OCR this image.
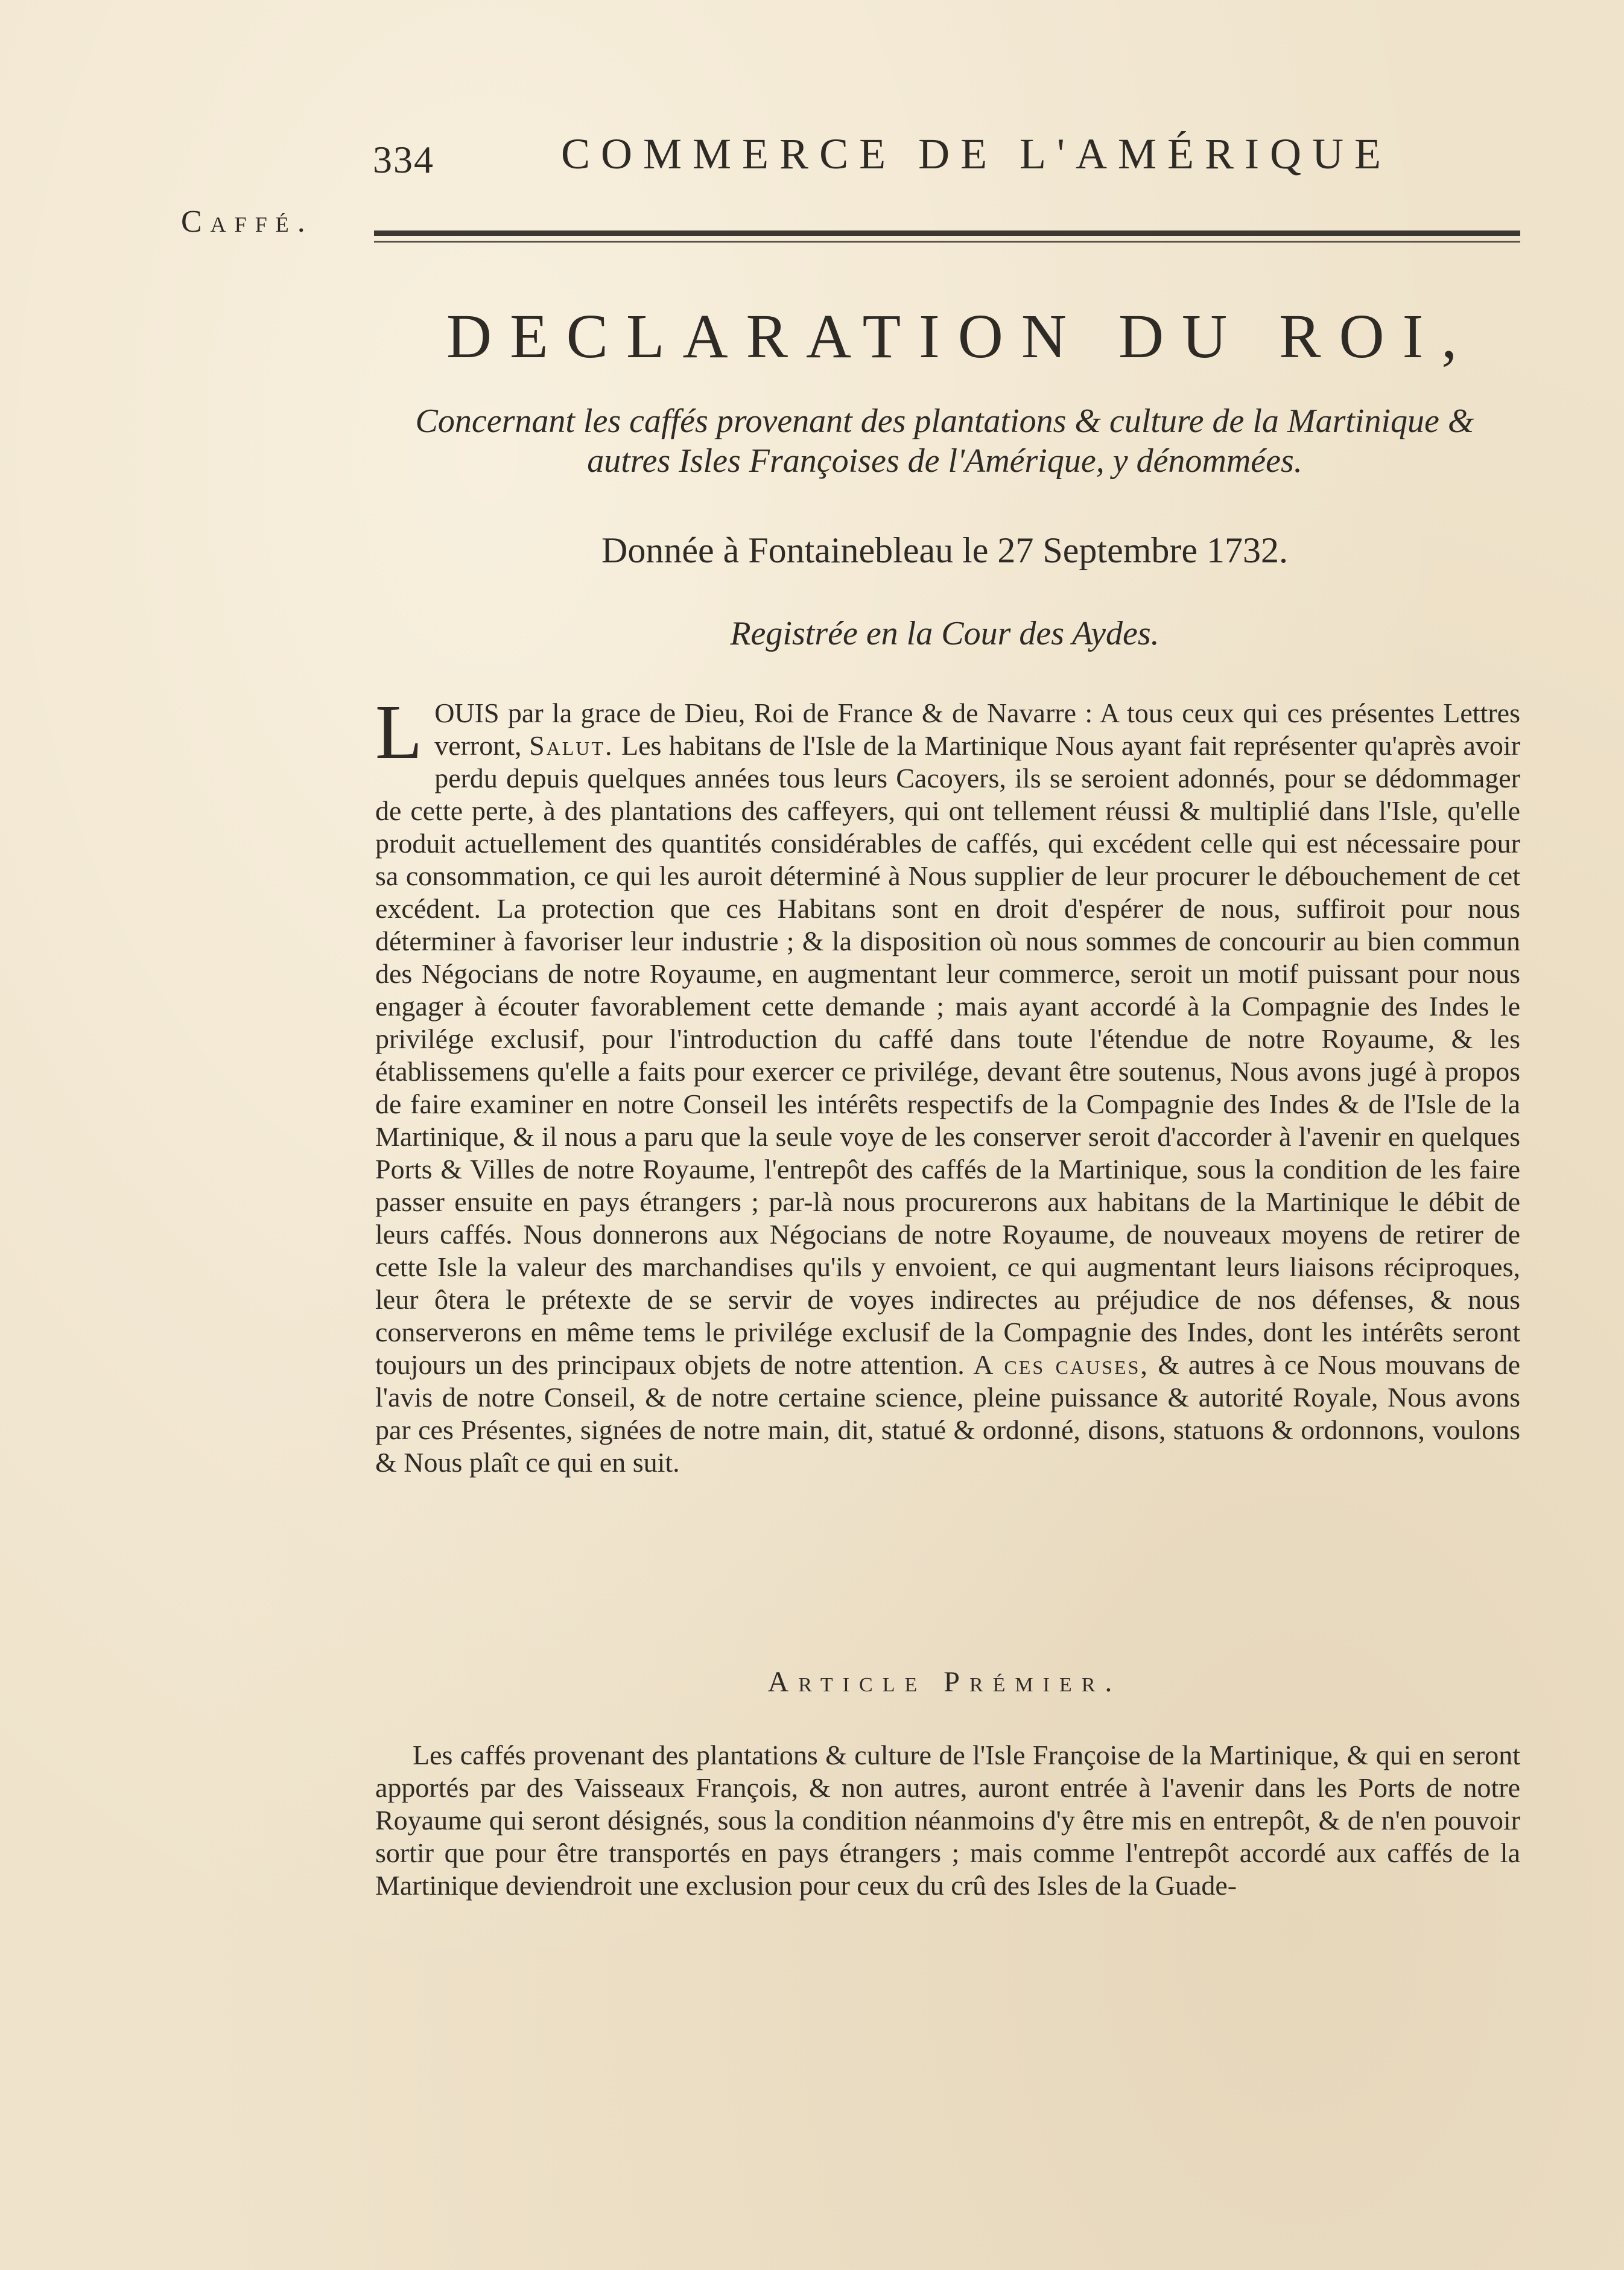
334	COMMERCE DE L'AMÉRIQUE
Caffé.
DECLARATION DU ROI,
Concernant les caffés provenant des plantations & culture de la Martinique & autres Isles Françoises de l'Amérique, y dénommées.
Donnée à Fontainebleau le 27 Septembre 1732.
Registrée en la Cour des Aydes.

L OUIS par la grace de Dieu, Roi de France & de Navarre : A tous ceux qui ces présentes Lettres verront, Salut. Les habitans de l'Isle de la Martinique Nous ayant fait représenter qu'après avoir perdu depuis quelques années tous leurs Cacoyers, ils se seroient adonnés, pour se dédommager de cette perte, à des plantations des caffeyers, qui ont tellement réussi & multiplié dans l'Isle, qu'elle produit actuellement des quantités considérables de caffés, qui excédent celle qui est nécessaire pour sa consommation, ce qui les auroit déterminé à Nous supplier de leur procurer le débouchement de cet excédent. La protection que ces Habitans sont en droit d'espérer de nous, suffiroit pour nous déterminer à favoriser leur industrie ; & la disposition où nous sommes de concourir au bien commun des Négocians de notre Royaume, en augmentant leur commerce, seroit un motif puissant pour nous engager à écouter favorablement cette demande ; mais ayant accordé à la Compagnie des Indes le privilége exclusif, pour l'introduction du caffé dans toute l'étendue de notre Royaume, & les établissemens qu'elle a faits pour exercer ce privilége, devant être soutenus, Nous avons jugé à propos de faire examiner en notre Conseil les intérêts respectifs de la Compagnie des Indes & de l'Isle de la Martinique, & il nous a paru que la seule voye de les conserver seroit d'accorder à l'avenir en quelques Ports & Villes de notre Royaume, l'entrepôt des caffés de la Martinique, sous la condition de les faire passer ensuite en pays étrangers ; par-là nous procurerons aux habitans de la Martinique le débit de leurs caffés. Nous donnerons aux Négocians de notre Royaume, de nouveaux moyens de retirer de cette Isle la valeur des marchandises qu'ils y envoient, ce qui augmentant leurs liaisons réciproques, leur ôtera le prétexte de se servir de voyes indirectes au préjudice de nos défenses, & nous conserverons en même tems le privilége exclusif de la Compagnie des Indes, dont les intérêts seront toujours un des principaux objets de notre attention. A ces causes, & autres à ce Nous mouvans de l'avis de notre Conseil, & de notre certaine science, pleine puissance & autorité Royale, Nous avons par ces Présentes, signées de notre main, dit, statué & ordonné, disons, statuons & ordonnons, voulons & Nous plaît ce qui en suit.

Article Prémier.
Les caffés provenant des plantations & culture de l'Isle Françoise de la Martinique, & qui en seront apportés par des Vaisseaux François, & non autres, auront entrée à l'avenir dans les Ports de notre Royaume qui seront désignés, sous la condition néanmoins d'y être mis en entrepôt, & de n'en pouvoir sortir que pour être transportés en pays étrangers ; mais comme l'entrepôt accordé aux caffés de la Martinique deviendroit une exclusion pour ceux du crû des Isles de la Guade-
